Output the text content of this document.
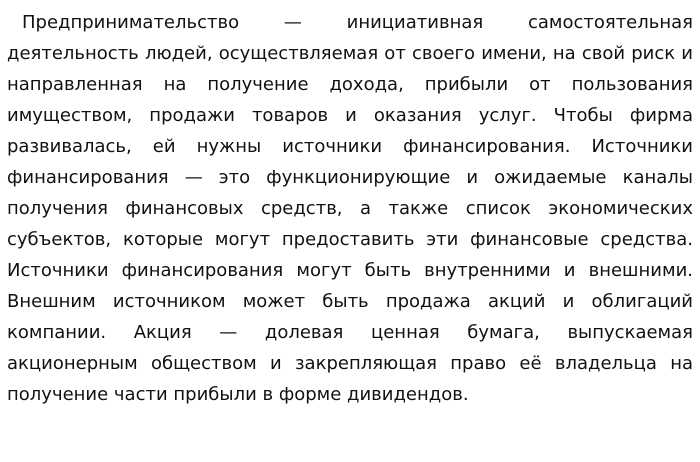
Предпринимательство — инициативная самостоятельная деятельность людей, осуществляемая от своего имени, на свой риск и направленная на получение дохода, прибыли от пользования имуществом, продажи товаров и оказания услуг. Чтобы фирма развивалась, ей нужны источники финансирования. Источники финансирования — это функционирующие и ожидаемые каналы получения финансовых средств, а также список экономических субъектов, которые могут предоставить эти финансовые средства. Источники финансирования могут быть внутренними и внешними. Внешним источником может быть продажа акций и облигаций компании. Акция — долевая ценная бумага, выпускаемая акционерным обществом и закрепляющая право её владельца на получение части прибыли в форме дивидендов.
